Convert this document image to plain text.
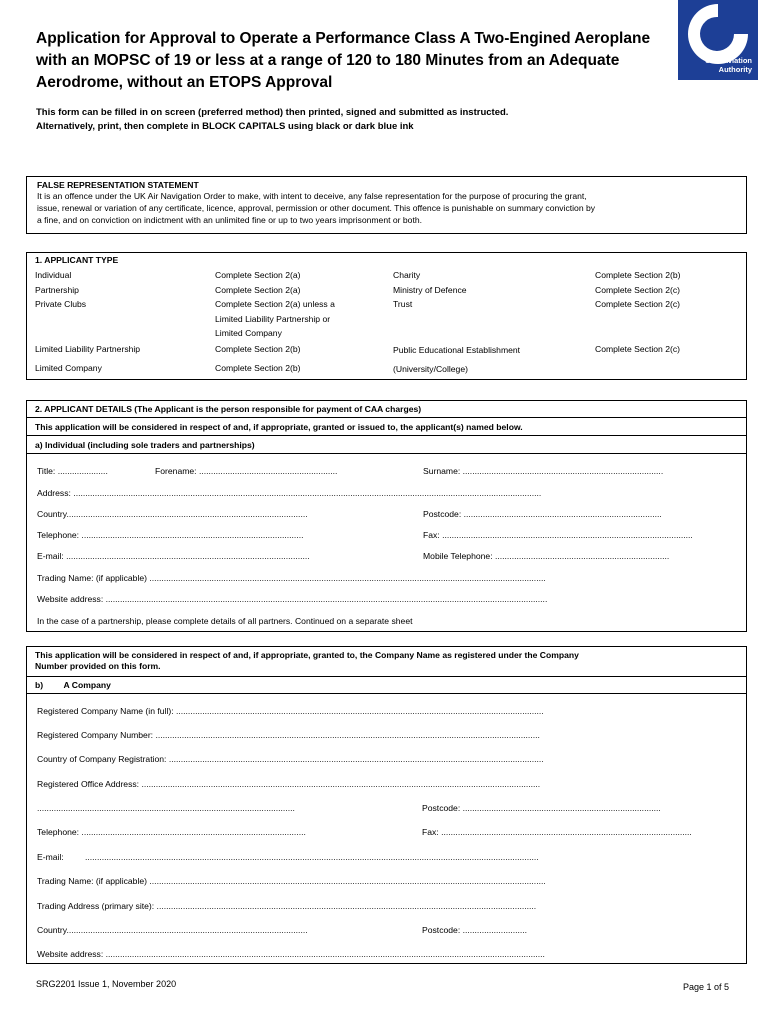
Application for Approval to Operate a Performance Class A Two-Engined Aeroplane
with an MOPSC of 19 or less at a range of 120 to 180 Minutes from an Adequate
Aerodrome, without an ETOPS Approval
Civil Aviation
Authority
This form can be filled in on screen (preferred method) then printed, signed and submitted as instructed.
Alternatively, print, then complete in BLOCK CAPITALS using black or dark blue ink
FALSE REPRESENTATION STATEMENT
It is an offence under the UK Air Navigation Order to make, with intent to deceive, any false representation for the purpose of procuring the grant,
issue, renewal or variation of any certificate, licence, approval, permission or other document. This offence is punishable on summary conviction by
a fine, and on conviction on indictment with an unlimited fine or up to two years imprisonment or both.
1. APPLICANT TYPE
Individual	Complete Section 2(a)	Charity	Complete Section 2(b)
Partnership	Complete Section 2(a)	Ministry of Defence	Complete Section 2(c)
Private Clubs	Complete Section 2(a) unless a	Trust	Complete Section 2(c)
Limited Liability Partnership or
Limited Company
Limited Liability Partnership	Complete Section 2(b)	Public Educational Establishment	Complete Section 2(c)
Limited Company	Complete Section 2(b)	(University/College)
2. APPLICANT DETAILS (The Applicant is the person responsible for payment of CAA charges)
This application will be considered in respect of and, if appropriate, granted or issued to, the applicant(s) named below.
a) Individual (including sole traders and partnerships)
Title: .....................	Forename: ..........................................................	Surname: ....................................................................................
Address: ....................................................................................................................................................................................................
Country.....................................................................................................	Postcode: ...................................................................................
Telephone: .............................................................................................	Fax: .........................................................................................................
E-mail: ......................................................................................................	Mobile Telephone: .........................................................................
Trading Name: (if applicable) ......................................................................................................................................................................
Website address: .........................................................................................................................................................................................
In the case of a partnership, please complete details of all partners. Continued on a separate sheet
This application will be considered in respect of and, if appropriate, granted to, the Company Name as registered under the Company
Number provided on this form.
b) A Company
Registered Company Name (in full): ..........................................................................................................................................................
Registered Company Number: .................................................................................................................................................................
Country of Company Registration: .............................................................................................................................................................
Registered Office Address: .......................................................................................................................................................................
............................................................................................................	Postcode: ...................................................................................
Telephone: ..............................................................................................	Fax: .........................................................................................................
E-mail: ..............................................................................................................................................................................................
Trading Name: (if applicable) ......................................................................................................................................................................
Trading Address (primary site): ...............................................................................................................................................................
Country.....................................................................................................	Postcode: ...........................
Website address: ........................................................................................................................................................................................
SRG2201 Issue 1, November 2020	Page 1 of 5
